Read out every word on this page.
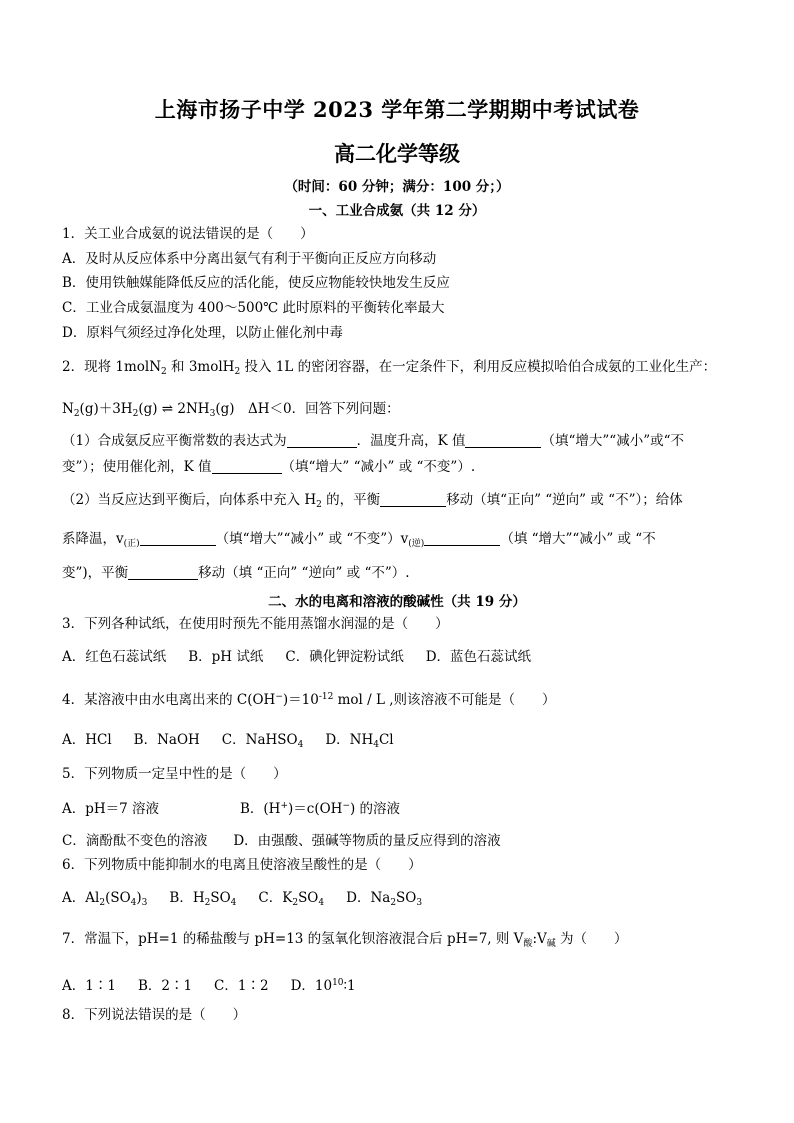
上海市扬子中学 2023 学年第二学期期中考试试卷
高二化学等级
（时间：60 分钟；满分：100 分；）
一、工业合成氨（共 12 分）
1．关工业合成氨的说法错误的是（　　）
A．及时从反应体系中分离出氨气有利于平衡向正反应方向移动
B．使用铁触媒能降低反应的活化能，使反应物能较快地发生反应
C．工业合成氨温度为 400～500℃ 此时原料的平衡转化率最大
D．原料气须经过净化处理，以防止催化剂中毒
2．现将 1molN$_2$ 和 3molH$_2$ 投入 1L 的密闭容器，在一定条件下，利用反应模拟哈伯合成氨的工业化生产：
$N_2(g)+3H_2(g)$ ⇌ $2NH_3(g)$　ΔH＜0．回答下列问题：
（1）合成氨反应平衡常数的表达式为	．温度升高，K 值	（填“增大”“减小”或“不
变”）；使用催化剂，K 值	（填“增大” “减小” 或 “不变”）.
（2）当反应达到平衡后，向体系中充入 $H_2$ 的，平衡	移动（填“正向” “逆向” 或 “不”）；给体
系降温，$v_{(正)}$	（填“增大”“减小” 或 “不变$”)v_{(逆)}$	（填 “增大”“减小” 或 “不
变”)，平衡	移动（填 “正向” “逆向” 或 “不”）.
二、水的电离和溶液的酸碱性（共 19 分）
3．下列各种试纸，在使用时预先不能用蒸馏水润湿的是（　　）
A．红色石蕊试纸 B．pH 试纸 C．碘化钾淀粉试纸 D．蓝色石蕊试纸
4．某溶液中由水电离出来的 $C(OH^-)=10^{-12}$ mol / L ,则该溶液不可能是（　　）
A．HCl B．NaOH C．NaHSO$_4$ D．$NH_4Cl$
5．下列物质一定呈中性的是（　　）
A．pH＝7 溶液	B．(H+)＝c(OH−) 的溶液
C．滴酚酞不变色的溶液 D．由强酸、强碱等物质的量反应得到的溶液
6．下列物质中能抑制水的电离且使溶液呈酸性的是（　　）
A．$Al_2(SO_4)_3$ B．$H_2SO_4$ C．$K_2SO_4$ D．$Na_2SO_3$
7．常温下，pH=1 的稀盐酸与 pH=13 的氢氧化钡溶液混合后 pH=7, 则 $V_酸:V_碱$ 为（　　）
A．1∶1 B．2∶1 C．1∶2 D．$10^{10}∶1$
8．下列说法错误的是（　　）
